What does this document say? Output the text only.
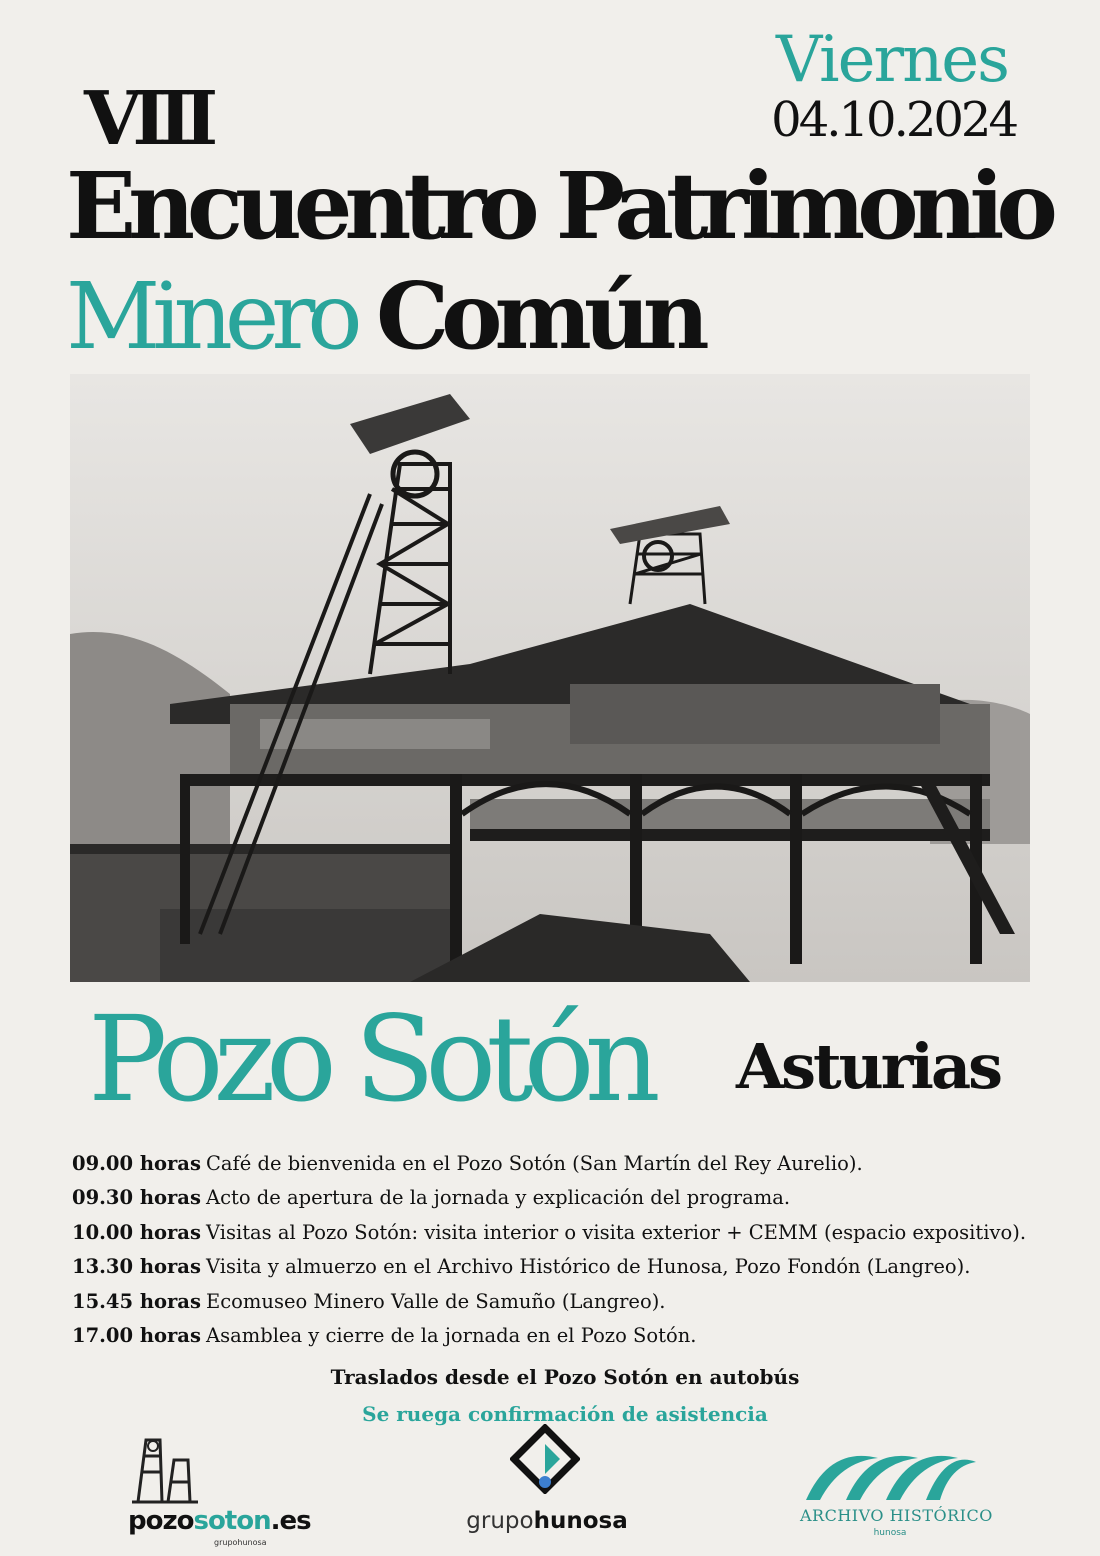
Viernes
04.10.2024
VIII
Encuentro Patrimonio
Minero Común
Pozo Sotón Asturias
09.00 horas Café de bienvenida en el Pozo Sotón (San Martín del Rey Aurelio).
09.30 horas Acto de apertura de la jornada y explicación del programa.
10.00 horas Visitas al Pozo Sotón: visita interior o visita exterior + CEMM (espacio expositivo).
13.30 horas Visita y almuerzo en el Archivo Histórico de Hunosa, Pozo Fondón (Langreo).
15.45 horas Ecomuseo Minero Valle de Samuño (Langreo).
17.00 horas Asamblea y cierre de la jornada en el Pozo Sotón.
Traslados desde el Pozo Sotón en autobús
Se ruega confirmación de asistencia
pozosoton.es
grupohunosa
grupohunosa	ARCHIVO HISTÓRICO
hunosa
